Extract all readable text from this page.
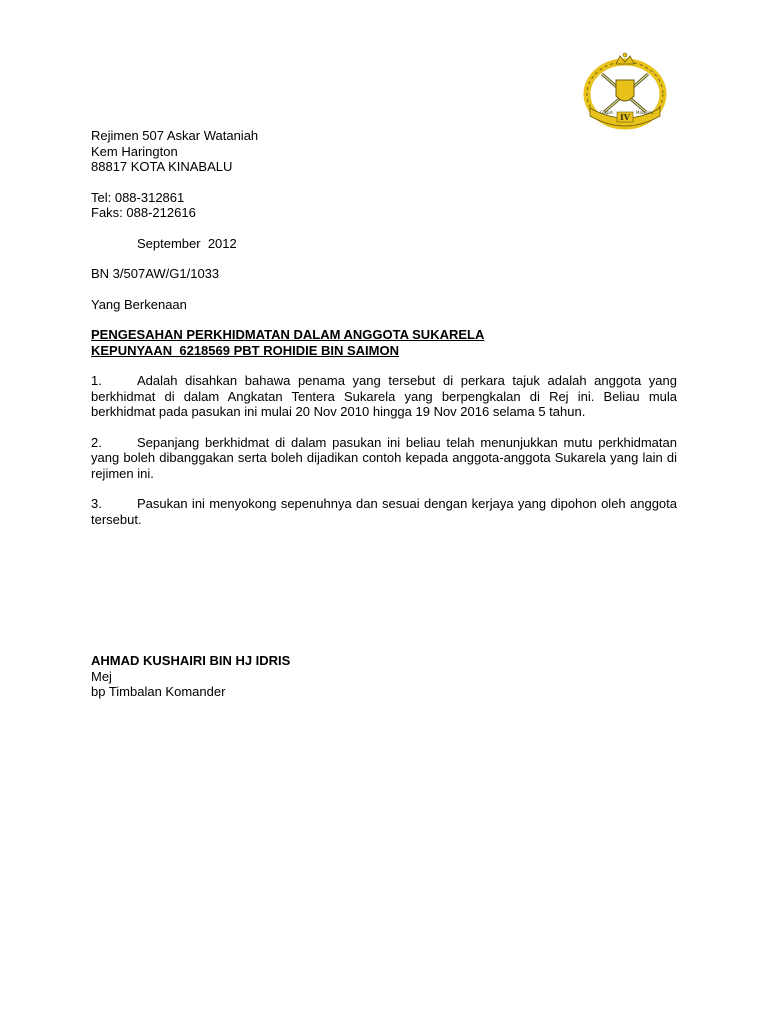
IV
Gagah	Malaysia
Rejimen 507 Askar Wataniah
Kem Harington
88817 KOTA KINABALU
Tel: 088-312861
Faks: 088-212616
September  2012
BN 3/507AW/G1/1033
Yang Berkenaan
PENGESAHAN PERKHIDMATAN DALAM ANGGOTA SUKARELA
KEPUNYAAN  6218569 PBT ROHIDIE BIN SAIMON
1.	Adalah disahkan bahawa penama yang tersebut di perkara tajuk adalah anggota yang berkhidmat di dalam Angkatan Tentera Sukarela yang berpengkalan di Rej ini. Beliau mula berkhidmat pada pasukan ini mulai 20 Nov 2010 hingga 19 Nov 2016 selama 5 tahun.
2.	Sepanjang berkhidmat di dalam pasukan ini beliau telah menunjukkan mutu perkhidmatan yang boleh dibanggakan serta boleh dijadikan contoh kepada anggota-anggota Sukarela yang lain di rejimen ini.
3.	Pasukan ini menyokong sepenuhnya dan sesuai dengan kerjaya yang dipohon oleh anggota tersebut.
AHMAD KUSHAIRI BIN HJ IDRIS
Mej
bp Timbalan Komander
